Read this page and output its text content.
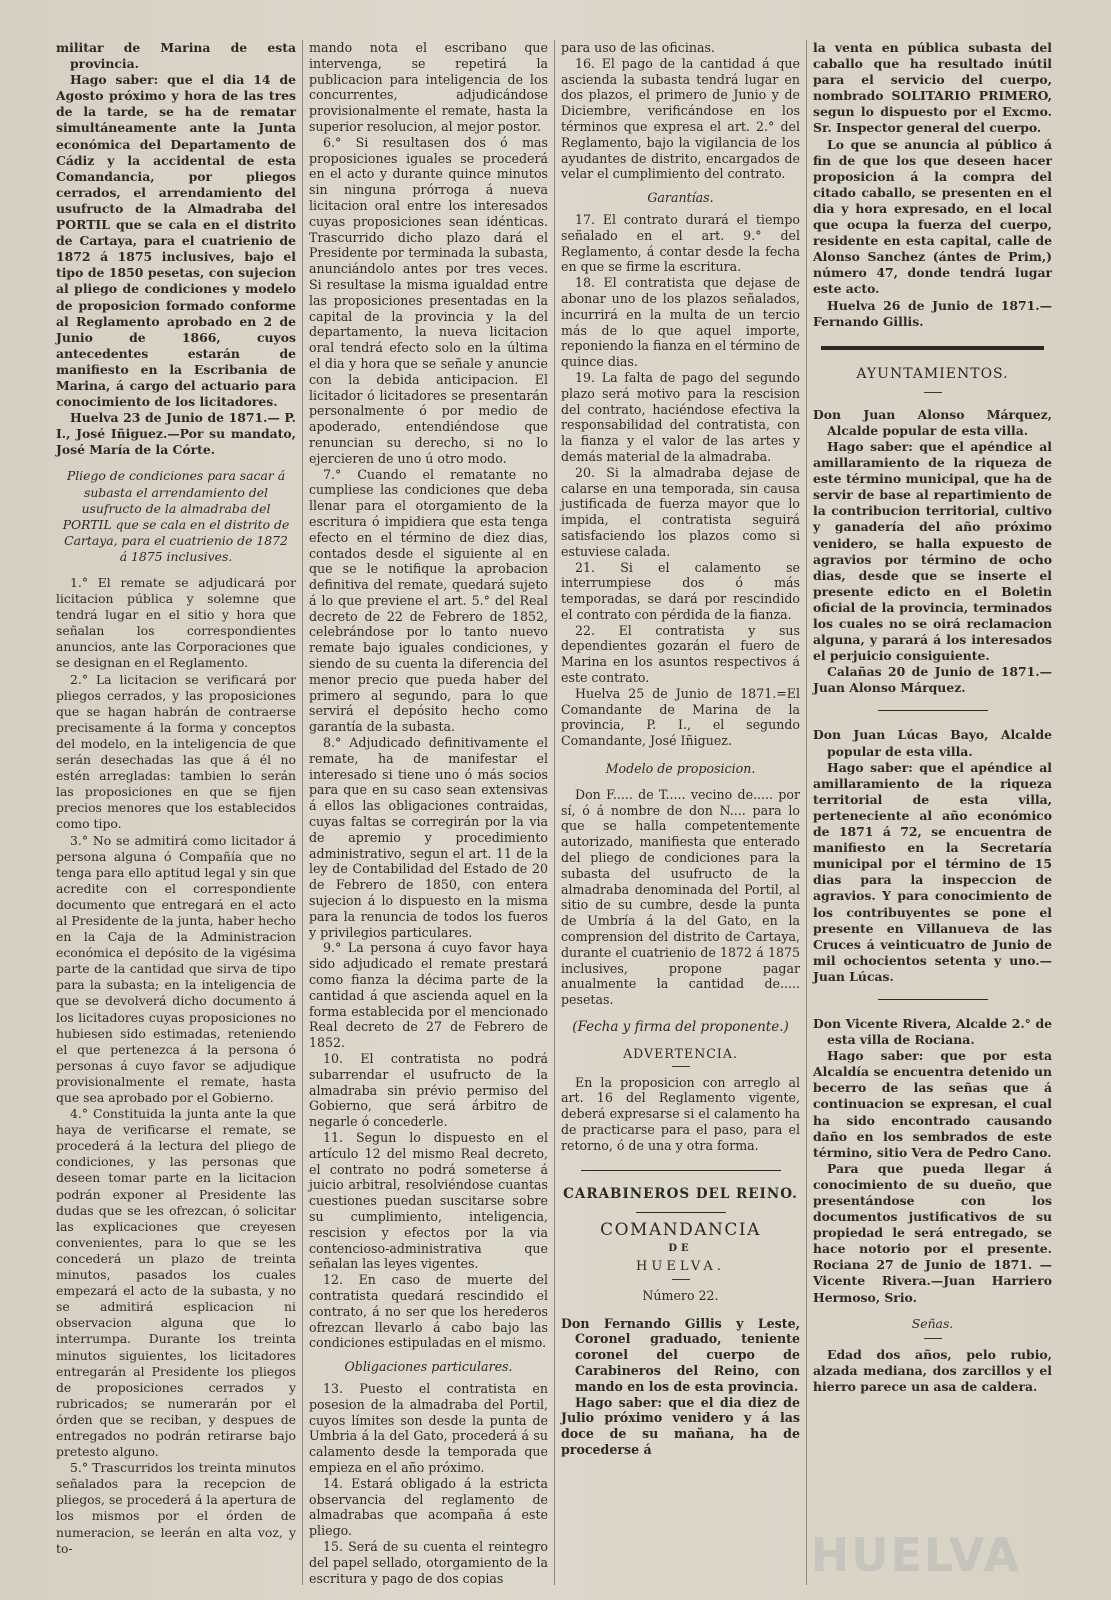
militar de Marina de esta provincia.

Hago saber: que el dia 14 de Agosto próximo y hora de las tres de la tarde, se ha de rematar simultáneamente ante la Junta económica del Departamento de Cádiz y la accidental de esta Comandancia, por pliegos cerrados, el arrendamiento del usufructo de la Almadraba del PORTIL que se cala en el distrito de Cartaya, para el cuatrienio de 1872 á 1875 inclusives, bajo el tipo de 1850 pesetas, con sujecion al pliego de condiciones y modelo de proposicion formado conforme al Reglamento aprobado en 2 de Junio de 1866, cuyos antecedentes estarán de manifiesto en la Escribania de Marina, á cargo del actuario para conocimiento de los licitadores.

Huelva 23 de Junio de 1871.— P. I., José Iñiguez.—Por su mandato, José María de la Córte.

Pliego de condiciones para sacar á subasta el arrendamiento del usufructo de la almadraba del PORTIL que se cala en el distrito de Cartaya, para el cuatrienio de 1872 á 1875 inclusives.

1.° El remate se adjudicará por licitacion pública y solemne que tendrá lugar en el sitio y hora que señalan los correspondientes anuncios, ante las Corporaciones que se designan en el Reglamento.

2.° La licitacion se verificará por pliegos cerrados, y las proposiciones que se hagan habrán de contraerse precisamente á la forma y conceptos del modelo, en la inteligencia de que serán desechadas las que á él no estén arregladas: tambien lo serán las proposiciones en que se fijen precios menores que los establecidos como tipo.

3.° No se admitirá como licitador á persona alguna ó Compañía que no tenga para ello aptitud legal y sin que acredite con el correspondiente documento que entregará en el acto al Presidente de la junta, haber hecho en la Caja de la Administracion económica el depósito de la vigésima parte de la cantidad que sirva de tipo para la subasta; en la inteligencia de que se devolverá dicho documento á los licitadores cuyas proposiciones no hubiesen sido estimadas, reteniendo el que pertenezca á la persona ó personas á cuyo favor se adjudique provisionalmente el remate, hasta que sea aprobado por el Gobierno.

4.° Constituida la junta ante la que haya de verificarse el remate, se procederá á la lectura del pliego de condiciones, y las personas que deseen tomar parte en la licitacion podrán exponer al Presidente las dudas que se les ofrezcan, ó solicitar las explicaciones que creyesen convenientes, para lo que se les concederá un plazo de treinta minutos, pasados los cuales empezará el acto de la subasta, y no se admitirá esplicacion ni observacion alguna que lo interrumpa. Durante los treinta minutos siguientes, los licitadores entregarán al Presidente los pliegos de proposiciones cerrados y rubricados; se numerarán por el órden que se reciban, y despues de entregados no podrán retirarse bajo pretesto alguno.

5.° Trascurridos los treinta minutos señalados para la recepcion de pliegos, se procederá á la apertura de los mismos por el órden de numeracion, se leerán en alta voz, y to-

mando nota el escribano que intervenga, se repetirá la publicacion para inteligencia de los concurrentes, adjudicándose provisionalmente el remate, hasta la superior resolucion, al mejor postor.

6.° Si resultasen dos ó mas proposiciones iguales se procederá en el acto y durante quince minutos sin ninguna prórroga á nueva licitacion oral entre los interesados cuyas proposiciones sean idénticas. Trascurrido dicho plazo dará el Presidente por terminada la subasta, anunciándolo antes por tres veces. Si resultase la misma igualdad entre las proposiciones presentadas en la capital de la provincia y la del departamento, la nueva licitacion oral tendrá efecto solo en la última el dia y hora que se señale y anuncie con la debida anticipacion. El licitador ó licitadores se presentarán personalmente ó por medio de apoderado, entendiéndose que renuncian su derecho, si no lo ejercieren de uno ú otro modo.

7.° Cuando el rematante no cumpliese las condiciones que deba llenar para el otorgamiento de la escritura ó impidiera que esta tenga efecto en el término de diez dias, contados desde el siguiente al en que se le notifique la aprobacion definitiva del remate, quedará sujeto á lo que previene el art. 5.° del Real decreto de 22 de Febrero de 1852, celebrándose por lo tanto nuevo remate bajo iguales condiciones, y siendo de su cuenta la diferencia del menor precio que pueda haber del primero al segundo, para lo que servirá el depósito hecho como garantía de la subasta.

8.° Adjudicado definitivamente el remate, ha de manifestar el interesado si tiene uno ó más socios para que en su caso sean extensivas á ellos las obligaciones contraidas, cuyas faltas se corregirán por la via de apremio y procedimiento administrativo, segun el art. 11 de la ley de Contabilidad del Estado de 20 de Febrero de 1850, con entera sujecion á lo dispuesto en la misma para la renuncia de todos los fueros y privilegios particulares.

9.° La persona á cuyo favor haya sido adjudicado el remate prestará como fianza la décima parte de la cantidad á que ascienda aquel en la forma establecida por el mencionado Real decreto de 27 de Febrero de 1852.

10. El contratista no podrá subarrendar el usufructo de la almadraba sin prévio permiso del Gobierno, que será árbitro de negarle ó concederle.

11. Segun lo dispuesto en el artículo 12 del mismo Real decreto, el contrato no podrá someterse á juicio arbitral, resolviéndose cuantas cuestiones puedan suscitarse sobre su cumplimiento, inteligencia, rescision y efectos por la via contencioso-administrativa que señalan las leyes vigentes.

12. En caso de muerte del contratista quedará rescindido el contrato, á no ser que los herederos ofrezcan llevarlo á cabo bajo las condiciones estipuladas en el mismo.

Obligaciones particulares.

13. Puesto el contratista en posesion de la almadraba del Portil, cuyos límites son desde la punta de Umbria á la del Gato, procederá á su calamento desde la temporada que empieza en el año próximo.

14. Estará obligado á la estricta observancia del reglamento de almadrabas que acompaña á este pliego.

15. Será de su cuenta el reintegro del papel sellado, otorgamiento de la escritura y pago de dos copias

para uso de las oficinas.

16. El pago de la cantidad á que ascienda la subasta tendrá lugar en dos plazos, el primero de Junio y de Diciembre, verificándose en los términos que expresa el art. 2.° del Reglamento, bajo la vigilancia de los ayudantes de distrito, encargados de velar el cumplimiento del contrato.

Garantías.

17. El contrato durará el tiempo señalado en el art. 9.° del Reglamento, á contar desde la fecha en que se firme la escritura.

18. El contratista que dejase de abonar uno de los plazos señalados, incurrirá en la multa de un tercio más de lo que aquel importe, reponiendo la fianza en el término de quince dias.

19. La falta de pago del segundo plazo será motivo para la rescision del contrato, haciéndose efectiva la responsabilidad del contratista, con la fianza y el valor de las artes y demás material de la almadraba.

20. Si la almadraba dejase de calarse en una temporada, sin causa justificada de fuerza mayor que lo impida, el contratista seguirá satisfaciendo los plazos como si estuviese calada.

21. Si el calamento se interrumpiese dos ó más temporadas, se dará por rescindido el contrato con pérdida de la fianza.

22. El contratista y sus dependientes gozarán el fuero de Marina en los asuntos respectivos á este contrato.

Huelva 25 de Junio de 1871.=El Comandante de Marina de la provincia, P. I., el segundo Comandante, José Iñiguez.

Modelo de proposicion.

Don F..... de T..... vecino de..... por sí, ó á nombre de don N.... para lo que se halla competentemente autorizado, manifiesta que enterado del pliego de condiciones para la subasta del usufructo de la almadraba denominada del Portil, al sitio de su cumbre, desde la punta de Umbría á la del Gato, en la comprension del distrito de Cartaya, durante el cuatrienio de 1872 á 1875 inclusives, propone pagar anualmente la cantidad de..... pesetas.

(Fecha y firma del proponente.)

ADVERTENCIA.

En la proposicion con arreglo al art. 16 del Reglamento vigente, deberá expresarse si el calamento ha de practicarse para el paso, para el retorno, ó de una y otra forma.

CARABINEROS DEL REINO.

COMANDANCIA

DE

HUELVA.

Número 22.

Don Fernando Gillis y Leste, Coronel graduado, teniente coronel del cuerpo de Carabineros del Reino, con mando en los de esta provincia.

Hago saber: que el dia diez de Julio próximo venidero y á las doce de su mañana, ha de procederse á

la venta en pública subasta del caballo que ha resultado inútil para el servicio del cuerpo, nombrado SOLITARIO PRIMERO, segun lo dispuesto por el Excmo. Sr. Inspector general del cuerpo.

Lo que se anuncia al público á fin de que los que deseen hacer proposicion á la compra del citado caballo, se presenten en el dia y hora expresado, en el local que ocupa la fuerza del cuerpo, residente en esta capital, calle de Alonso Sanchez (ántes de Prim,) número 47, donde tendrá lugar este acto.

Huelva 26 de Junio de 1871.— Fernando Gillis.

AYUNTAMIENTOS.

Don Juan Alonso Márquez, Alcalde popular de esta villa.

Hago saber: que el apéndice al amillaramiento de la riqueza de este término municipal, que ha de servir de base al repartimiento de la contribucion territorial, cultivo y ganadería del año próximo venidero, se halla expuesto de agravios por término de ocho dias, desde que se inserte el presente edicto en el Boletin oficial de la provincia, terminados los cuales no se oirá reclamacion alguna, y parará á los interesados el perjuicio consiguiente.

Calañas 20 de Junio de 1871.— Juan Alonso Márquez.

Don Juan Lúcas Bayo, Alcalde popular de esta villa.

Hago saber: que el apéndice al amillaramiento de la riqueza territorial de esta villa, perteneciente al año económico de 1871 á 72, se encuentra de manifiesto en la Secretaría municipal por el término de 15 dias para la inspeccion de agravios. Y para conocimiento de los contribuyentes se pone el presente en Villanueva de las Cruces á veinticuatro de Junio de mil ochocientos setenta y uno.—Juan Lúcas.

Don Vicente Rivera, Alcalde 2.° de esta villa de Rociana.

Hago saber: que por esta Alcaldía se encuentra detenido un becerro de las señas que á continuacion se expresan, el cual ha sido encontrado causando daño en los sembrados de este término, sitio Vera de Pedro Cano.

Para que pueda llegar á conocimiento de su dueño, que presentándose con los documentos justificativos de su propiedad le será entregado, se hace notorio por el presente. Rociana 27 de Junio de 1871. —Vicente Rivera.—Juan Harriero Hermoso, Srio.

Señas.

Edad dos años, pelo rubio, alzada mediana, dos zarcillos y el hierro parece un asa de caldera.

HUELVA
